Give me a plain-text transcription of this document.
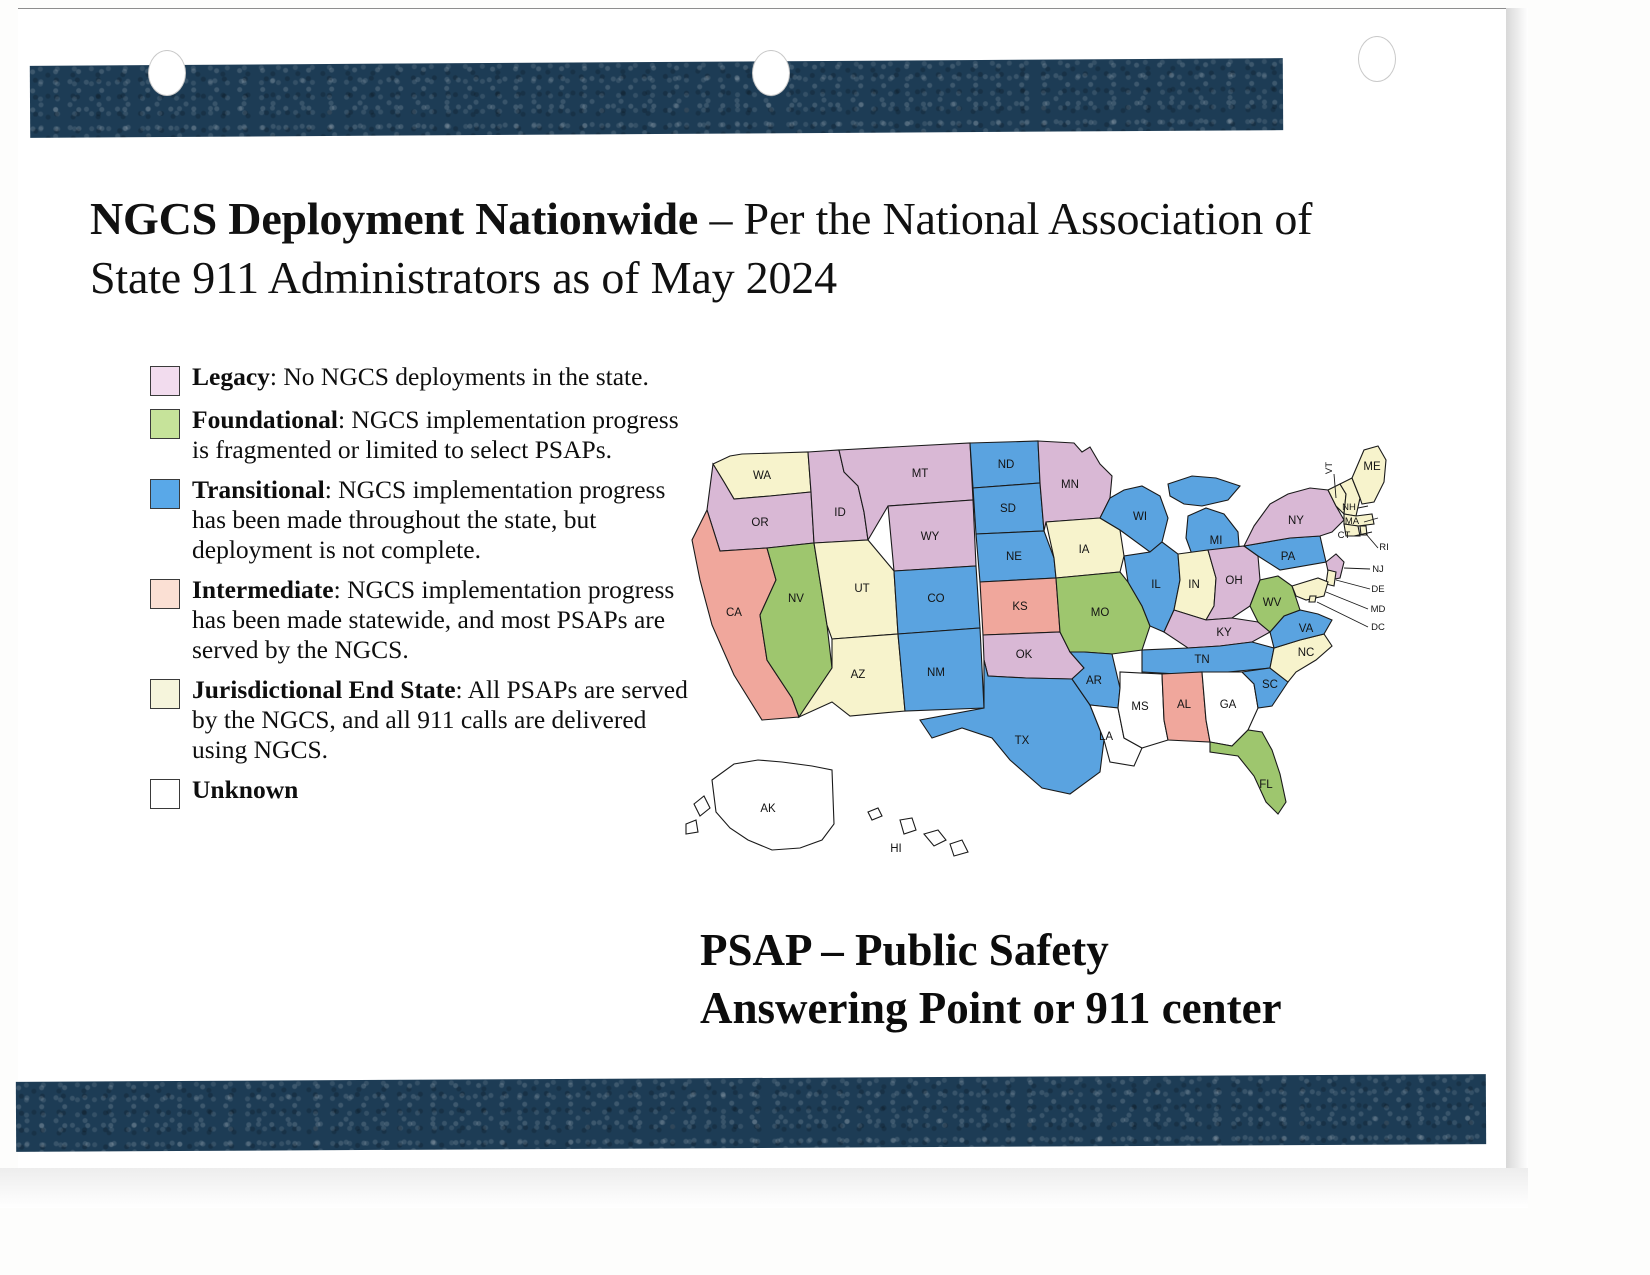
NGCS Deployment Nationwide – Per the National Association of State 911 Administrators as of May 2024
Legacy: No NGCS deployments in the state.
Foundational: NGCS implementation progress is fragmented or limited to select PSAPs.
Transitional: NGCS implementation progress has been made throughout the state, but deployment is not complete.
Intermediate: NGCS implementation progress has been made statewide, and most PSAPs are served by the NGCS.
Jurisdictional End State: All PSAPs are served by the NGCS, and all 911 calls are delivered using NGCS.
Unknown
WA
OR
CA
NV
ID
MT
WY
UT
AZ
CO
NM
ND
SD
NE
KS
OK
TX
MN
IA
MO
AR
LA
WI
IL
MI
IN OH
KY
TN
MS AL GA
FL
SC
NC
VA
WV
PA
NY
ME
VT
NH
MA
CT
RI
NJ
DE
MD
DC
AK
HI
PSAP – Public Safety
Answering Point or 911 center
